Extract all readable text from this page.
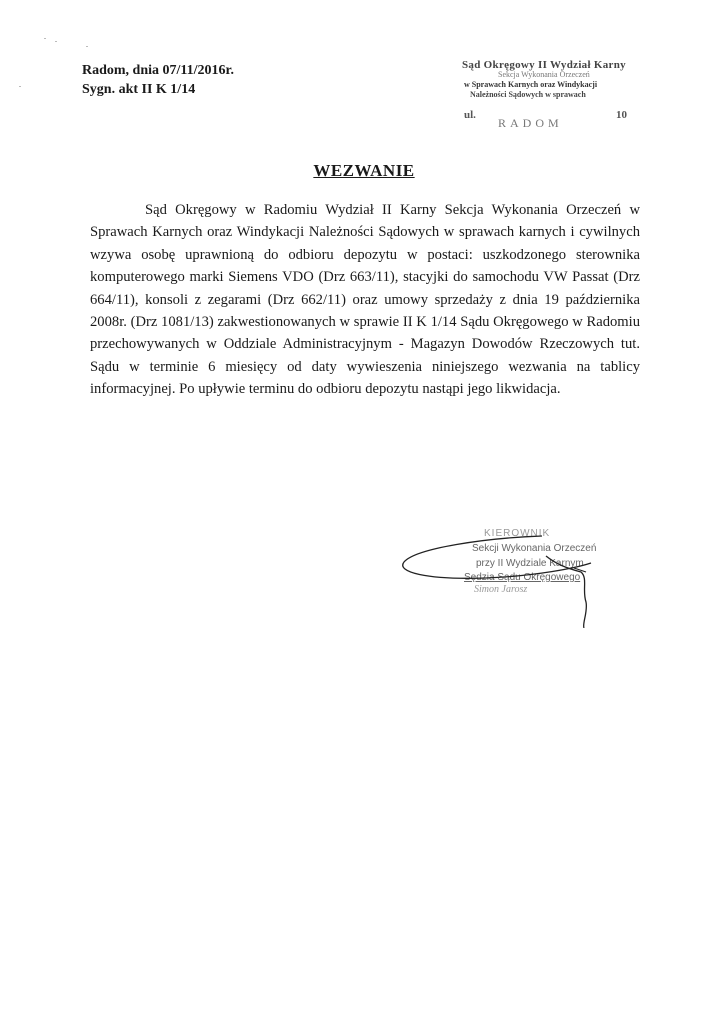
Radom, dnia 07/11/2016r.
Sygn. akt II K 1/14
Sąd Okręgowy II Wydział Karny
Sekcja Wykonania Orzeczeń
w Sprawach Karnych oraz Windykacji
Należności Sądowych w sprawach
ul.
RADOM
10
WEZWANIE
Sąd Okręgowy w Radomiu Wydział II Karny Sekcja Wykonania Orzeczeń w Sprawach Karnych oraz Windykacji Należności Sądowych w sprawach karnych i cywilnych wzywa osobę uprawnioną do odbioru depozytu w postaci: uszkodzonego sterownika komputerowego marki Siemens VDO (Drz 663/11), stacyjki do samochodu VW Passat (Drz 664/11), konsoli z zegarami (Drz 662/11) oraz umowy sprzedaży z dnia 19 października 2008r. (Drz 1081/13) zakwestionowanych w sprawie II K 1/14 Sądu Okręgowego w Radomiu przechowywanych w Oddziale Administracyjnym - Magazyn Dowodów Rzeczowych tut. Sądu w terminie 6 miesięcy od daty wywieszenia niniejszego wezwania na tablicy informacyjnej. Po upływie terminu do odbioru depozytu nastąpi jego likwidacja.
KIEROWNIK
Sekcji Wykonania Orzeczeń
przy II Wydziale Karnym
Sędzia Sądu Okręgowego
Simon Jarosz
